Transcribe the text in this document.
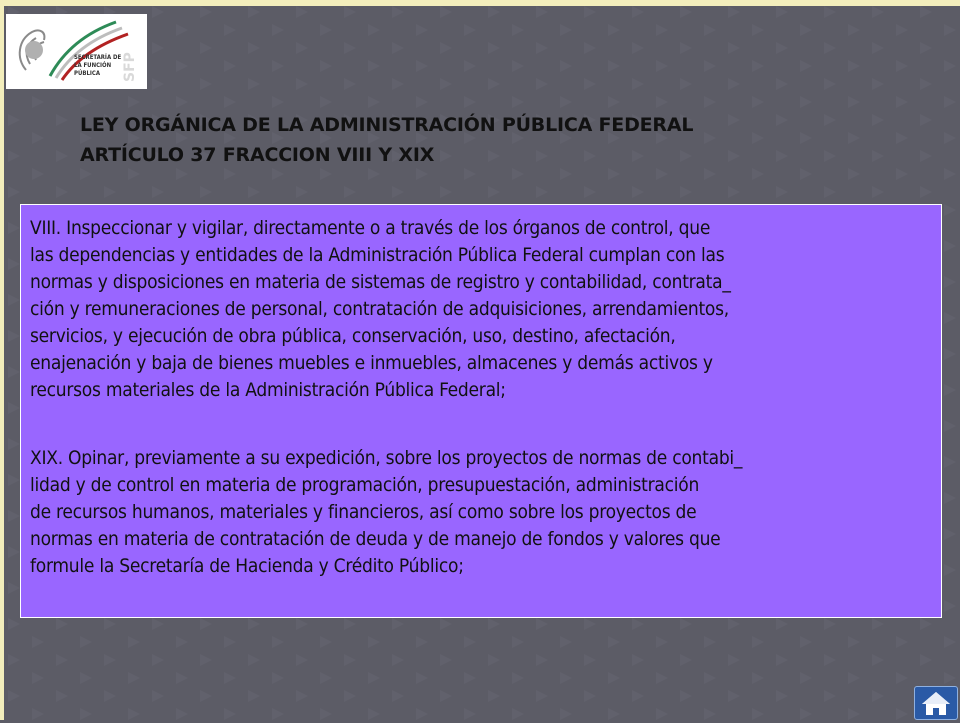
SFP
SECRETARÍA DE
LA FUNCIÓN
PÚBLICA
LEY ORGÁNICA DE LA ADMINISTRACIÓN PÚBLICA FEDERAL
ARTÍCULO 37 FRACCION VIII Y XIX
VIII. Inspeccionar y vigilar, directamente o a través de los órganos de control, que
las dependencias y entidades de la Administración Pública Federal cumplan con las
normas y disposiciones en materia de sistemas de registro y contabilidad, contrata_
ción y remuneraciones de personal, contratación de adquisiciones, arrendamientos,
servicios, y ejecución de obra pública, conservación, uso, destino, afectación,
enajenación y baja de bienes muebles e inmuebles, almacenes y demás activos y
recursos materiales de la Administración Pública Federal;
XIX. Opinar, previamente a su expedición, sobre los proyectos de normas de contabi_
lidad y de control en materia de programación, presupuestación, administración
de recursos humanos, materiales y financieros, así como sobre los proyectos de
normas en materia de contratación de deuda y de manejo de fondos y valores que
formule la Secretaría de Hacienda y Crédito Público;
